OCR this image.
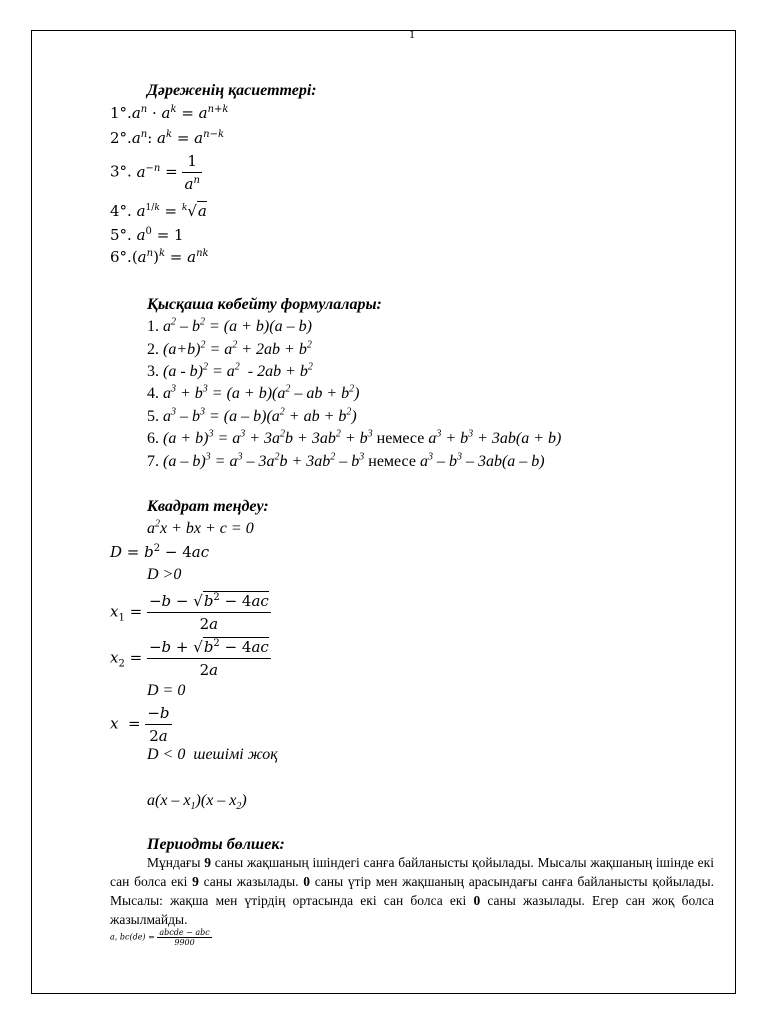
1
Дәреженің қасиеттері:
$1^\circ.a^n \cdot a^k = a^{n+k}$
$2^\circ.a^n$: $a^k = a^{n-k}$
3°. $a^{-n} = \frac{1}{a^n}$
4°. $a^{1/k} = ^k√a$
5°. $a^0 = 1$
$6^\circ.(a^n)^k = a^{nk}$
Қысқаша көбейту формулалары:
1. $a^2 - b^2 = (a + b)(a - b)$
2. $(a+b)^2 = a^2 + 2ab + b^2$
3. $(a - b)^2 = a^2 - 2ab + b^2$
4. $a^3 + b^3 = (a + b)(a^2$ – ab + $b^2$)
5. $a^3 - b^3 = (a - b)(a^2$ + ab + $b^2$)
6. $(a + b)^3 = a^3 + 3a^2b + 3ab^2 + b^3$ немесе $a^3 + b^3 + 3ab(a + b)$
7. $(a - b)^3 = a^3 - 3a^2b + 3ab^2 - b^3$ немесе $a^3 - b^3 - 3ab(a - b)$
Квадрат теңдеу:
$a^2x$ + bx + c = 0
$D = b^2 - 4ac$
D >0
$x_1 = \frac{-b - √b^2 - 4ac}{2a}$
$x_2 = \frac{-b + √b^2 - 4ac}{2a}$
D = 0
$x = \frac{-b}{2a}$
D < 0 шешімі жоқ
$a(x - x_1)(x - x_2)$
Периодты бөлшек:
Мұндағы 9 саны жақшаның ішіндегі санға байланысты қойылады. Мысалы жақшаның ішінде екі сан болса екі 9 саны жазылады. 0 саны үтір мен жақшаның арасындағы санға байланысты қойылады. Мысалы: жақша мен үтірдің ортасында екі сан болса екі 0 саны жазылады. Егер сан жоқ болса жазылмайды.
a, $bc(de) = \frac{\text{abcde − abc}}{9900}$
